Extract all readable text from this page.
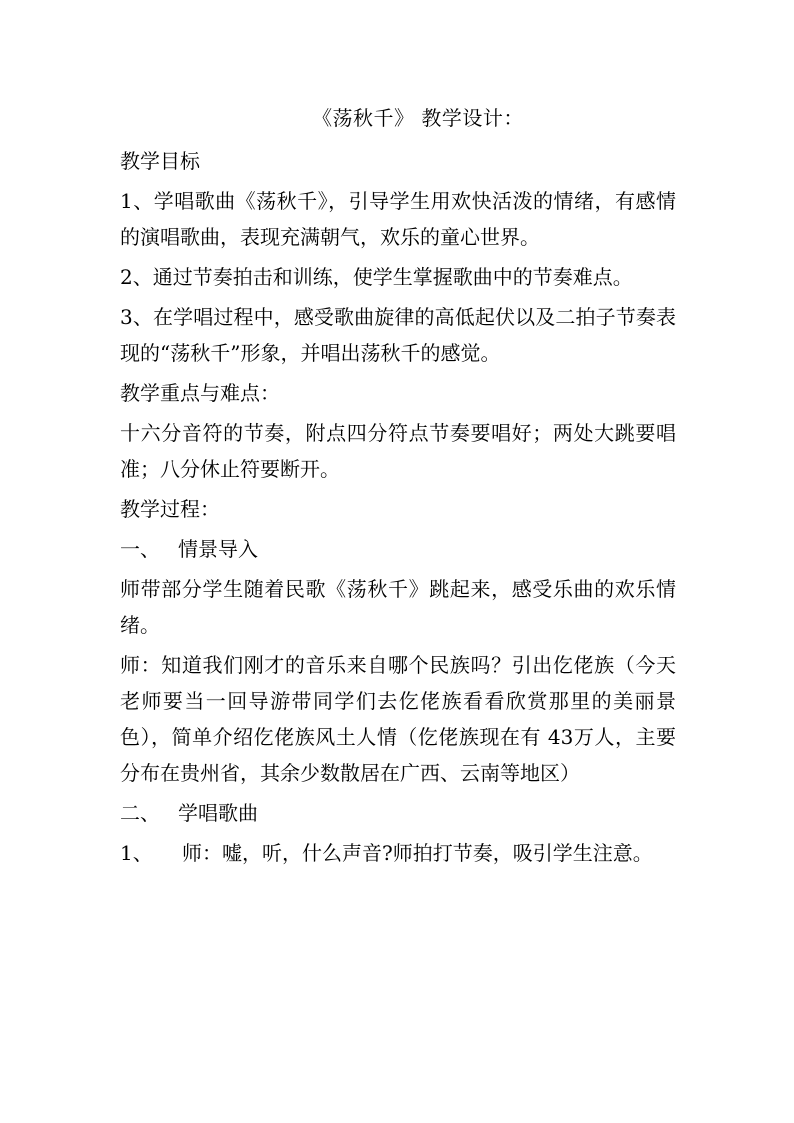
《荡秋千》 教学设计：

教学目标

1、学唱歌曲《荡秋千》，引导学生用欢快活泼的情绪，有感情的演唱歌曲，表现充满朝气，欢乐的童心世界。

2、通过节奏拍击和训练，使学生掌握歌曲中的节奏难点。

3、在学唱过程中，感受歌曲旋律的高低起伏以及二拍子节奏表现的“荡秋千”形象，并唱出荡秋千的感觉。

教学重点与难点：

十六分音符的节奏，附点四分符点节奏要唱好；两处大跳要唱准；八分休止符要断开。

教学过程：

一、 情景导入

师带部分学生随着民歌《荡秋千》跳起来，感受乐曲的欢乐情绪。

师：知道我们刚才的音乐来自哪个民族吗？引出仡佬族（今天老师要当一回导游带同学们去仡佬族看看欣赏那里的美丽景色），简单介绍仡佬族风土人情（仡佬族现在有 43万人，主要分布在贵州省，其余少数散居在广西、云南等地区）

二、 学唱歌曲

1、 师：嘘，听，什么声音?师拍打节奏，吸引学生注意。
